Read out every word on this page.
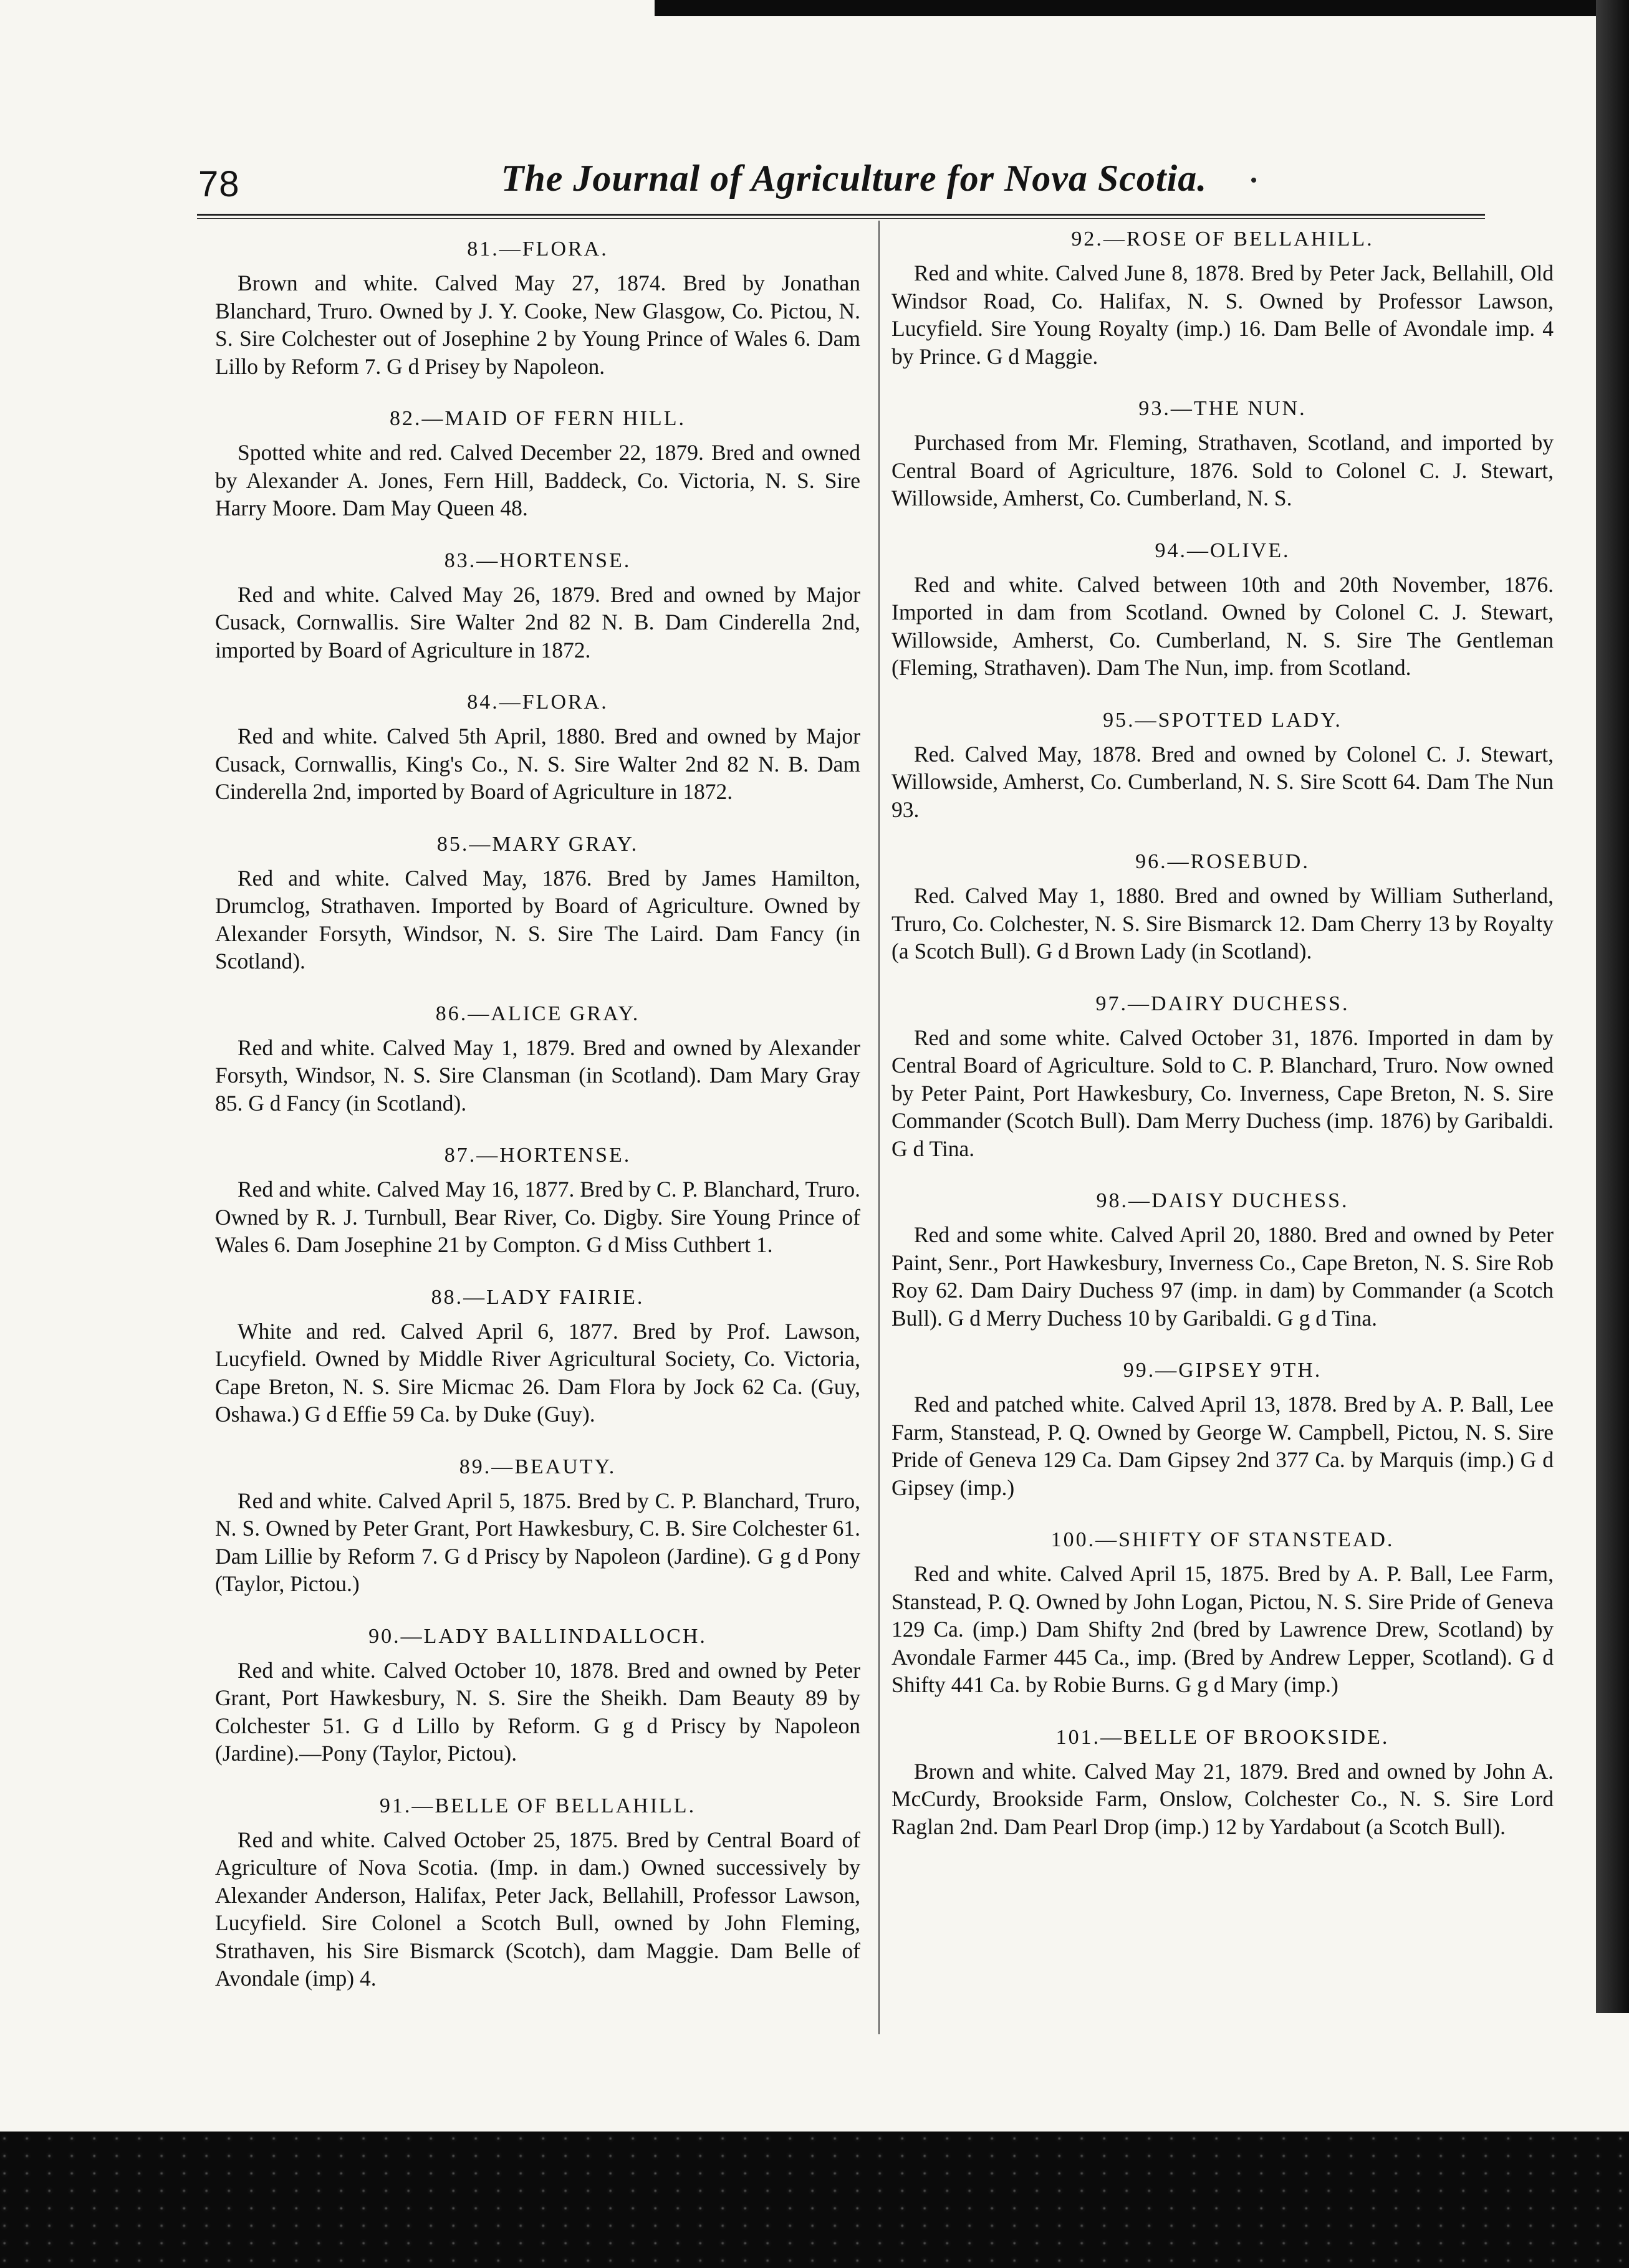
78	The Journal of Agriculture for Nova Scotia.
81.—FLORA.

Brown and white. Calved May 27, 1874. Bred by Jonathan Blanchard, Truro. Owned by J. Y. Cooke, New Glasgow, Co. Pictou, N. S. Sire Colchester out of Josephine 2 by Young Prince of Wales 6. Dam Lillo by Reform 7. G d Prisey by Napoleon.

82.—MAID OF FERN HILL.

Spotted white and red. Calved December 22, 1879. Bred and owned by Alexander A. Jones, Fern Hill, Baddeck, Co. Victoria, N. S. Sire Harry Moore. Dam May Queen 48.

83.—HORTENSE.

Red and white. Calved May 26, 1879. Bred and owned by Major Cusack, Cornwallis. Sire Walter 2nd 82 N. B. Dam Cinderella 2nd, imported by Board of Agriculture in 1872.

84.—FLORA.

Red and white. Calved 5th April, 1880. Bred and owned by Major Cusack, Cornwallis, King's Co., N. S. Sire Walter 2nd 82 N. B. Dam Cinderella 2nd, imported by Board of Agriculture in 1872.

85.—MARY GRAY.

Red and white. Calved May, 1876. Bred by James Hamilton, Drumclog, Strathaven. Imported by Board of Agriculture. Owned by Alexander Forsyth, Windsor, N. S. Sire The Laird. Dam Fancy (in Scotland).

86.—ALICE GRAY.

Red and white. Calved May 1, 1879. Bred and owned by Alexander Forsyth, Windsor, N. S. Sire Clansman (in Scotland). Dam Mary Gray 85. G d Fancy (in Scotland).

87.—HORTENSE.

Red and white. Calved May 16, 1877. Bred by C. P. Blanchard, Truro. Owned by R. J. Turnbull, Bear River, Co. Digby. Sire Young Prince of Wales 6. Dam Josephine 21 by Compton. G d Miss Cuthbert 1.

88.—LADY FAIRIE.

White and red. Calved April 6, 1877. Bred by Prof. Lawson, Lucyfield. Owned by Middle River Agricultural Society, Co. Victoria, Cape Breton, N. S. Sire Micmac 26. Dam Flora by Jock 62 Ca. (Guy, Oshawa.) G d Effie 59 Ca. by Duke (Guy).

89.—BEAUTY.

Red and white. Calved April 5, 1875. Bred by C. P. Blanchard, Truro, N. S. Owned by Peter Grant, Port Hawkesbury, C. B. Sire Colchester 61. Dam Lillie by Reform 7. G d Priscy by Napoleon (Jardine). G g d Pony (Taylor, Pictou.)

90.—LADY BALLINDALLOCH.

Red and white. Calved October 10, 1878. Bred and owned by Peter Grant, Port Hawkesbury, N. S. Sire the Sheikh. Dam Beauty 89 by Colchester 51. G d Lillo by Reform. G g d Priscy by Napoleon (Jardine).—Pony (Taylor, Pictou).

91.—BELLE OF BELLAHILL.

Red and white. Calved October 25, 1875. Bred by Central Board of Agriculture of Nova Scotia. (Imp. in dam.) Owned successively by Alexander Anderson, Halifax, Peter Jack, Bellahill, Professor Lawson, Lucyfield. Sire Colonel a Scotch Bull, owned by John Fleming, Strathaven, his Sire Bismarck (Scotch), dam Maggie. Dam Belle of Avondale (imp) 4.

92.—ROSE OF BELLAHILL.

Red and white. Calved June 8, 1878. Bred by Peter Jack, Bellahill, Old Windsor Road, Co. Halifax, N. S. Owned by Professor Lawson, Lucyfield. Sire Young Royalty (imp.) 16. Dam Belle of Avondale imp. 4 by Prince. G d Maggie.

93.—THE NUN.

Purchased from Mr. Fleming, Strathaven, Scotland, and imported by Central Board of Agriculture, 1876. Sold to Colonel C. J. Stewart, Willowside, Amherst, Co. Cumberland, N. S.

94.—OLIVE.

Red and white. Calved between 10th and 20th November, 1876. Imported in dam from Scotland. Owned by Colonel C. J. Stewart, Willowside, Amherst, Co. Cumberland, N. S. Sire The Gentleman (Fleming, Strathaven). Dam The Nun, imp. from Scotland.

95.—SPOTTED LADY.

Red. Calved May, 1878. Bred and owned by Colonel C. J. Stewart, Willowside, Amherst, Co. Cumberland, N. S. Sire Scott 64. Dam The Nun 93.

96.—ROSEBUD.

Red. Calved May 1, 1880. Bred and owned by William Sutherland, Truro, Co. Colchester, N. S. Sire Bismarck 12. Dam Cherry 13 by Royalty (a Scotch Bull). G d Brown Lady (in Scotland).

97.—DAIRY DUCHESS.

Red and some white. Calved October 31, 1876. Imported in dam by Central Board of Agriculture. Sold to C. P. Blanchard, Truro. Now owned by Peter Paint, Port Hawkesbury, Co. Inverness, Cape Breton, N. S. Sire Commander (Scotch Bull). Dam Merry Duchess (imp. 1876) by Garibaldi. G d Tina.

98.—DAISY DUCHESS.

Red and some white. Calved April 20, 1880. Bred and owned by Peter Paint, Senr., Port Hawkesbury, Inverness Co., Cape Breton, N. S. Sire Rob Roy 62. Dam Dairy Duchess 97 (imp. in dam) by Commander (a Scotch Bull). G d Merry Duchess 10 by Garibaldi. G g d Tina.

99.—GIPSEY 9TH.

Red and patched white. Calved April 13, 1878. Bred by A. P. Ball, Lee Farm, Stanstead, P. Q. Owned by George W. Campbell, Pictou, N. S. Sire Pride of Geneva 129 Ca. Dam Gipsey 2nd 377 Ca. by Marquis (imp.) G d Gipsey (imp.)

100.—SHIFTY OF STANSTEAD.

Red and white. Calved April 15, 1875. Bred by A. P. Ball, Lee Farm, Stanstead, P. Q. Owned by John Logan, Pictou, N. S. Sire Pride of Geneva 129 Ca. (imp.) Dam Shifty 2nd (bred by Lawrence Drew, Scotland) by Avondale Farmer 445 Ca., imp. (Bred by Andrew Lepper, Scotland). G d Shifty 441 Ca. by Robie Burns. G g d Mary (imp.)

101.—BELLE OF BROOKSIDE.

Brown and white. Calved May 21, 1879. Bred and owned by John A. McCurdy, Brookside Farm, Onslow, Colchester Co., N. S. Sire Lord Raglan 2nd. Dam Pearl Drop (imp.) 12 by Yardabout (a Scotch Bull).
